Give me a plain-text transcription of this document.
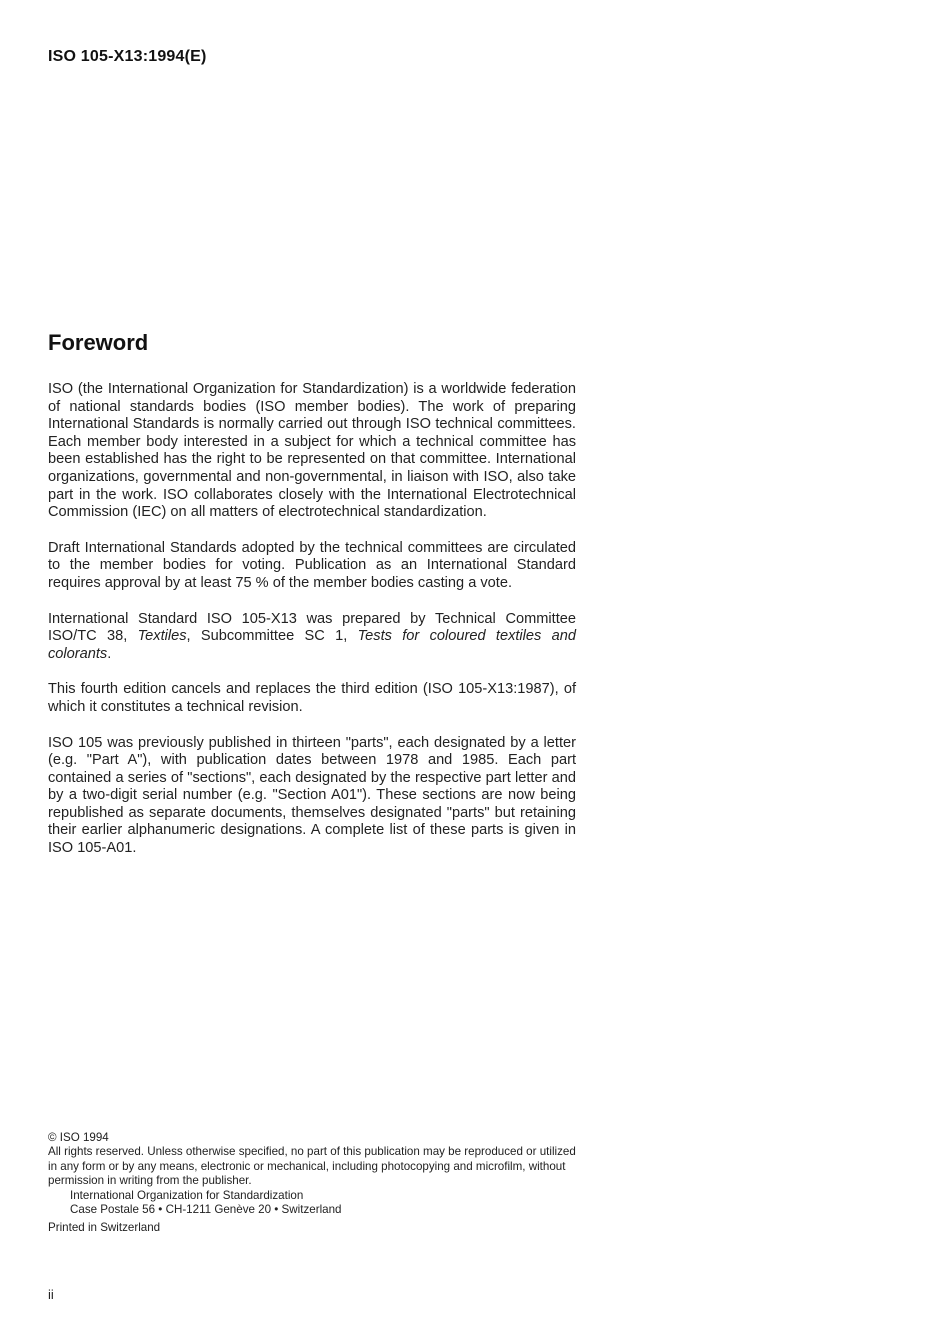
ISO 105-X13:1994(E)
Foreword

ISO (the International Organization for Standardization) is a worldwide federation of national standards bodies (ISO member bodies). The work of preparing International Standards is normally carried out through ISO technical committees. Each member body interested in a subject for which a technical committee has been established has the right to be represented on that committee. International organizations, governmental and non-governmental, in liaison with ISO, also take part in the work. ISO collaborates closely with the International Electrotechnical Commission (IEC) on all matters of electrotechnical standardization.

Draft International Standards adopted by the technical committees are circulated to the member bodies for voting. Publication as an International Standard requires approval by at least 75 % of the member bodies casting a vote.

International Standard ISO 105-X13 was prepared by Technical Committee ISO/TC 38, Textiles, Subcommittee SC 1, Tests for coloured textiles and colorants.

This fourth edition cancels and replaces the third edition (ISO 105-X13:1987), of which it constitutes a technical revision.

ISO 105 was previously published in thirteen "parts", each designated by a letter (e.g. "Part A"), with publication dates between 1978 and 1985. Each part contained a series of "sections", each designated by the respective part letter and by a two-digit serial number (e.g. "Section A01"). These sections are now being republished as separate documents, themselves designated "parts" but retaining their earlier alphanumeric designations. A complete list of these parts is given in ISO 105-A01.

© ISO 1994
All rights reserved. Unless otherwise specified, no part of this publication may be reproduced or utilized in any form or by any means, electronic or mechanical, including photocopying and microfilm, without permission in writing from the publisher.
International Organization for Standardization
Case Postale 56 • CH-1211 Genève 20 • Switzerland
Printed in Switzerland
ii
